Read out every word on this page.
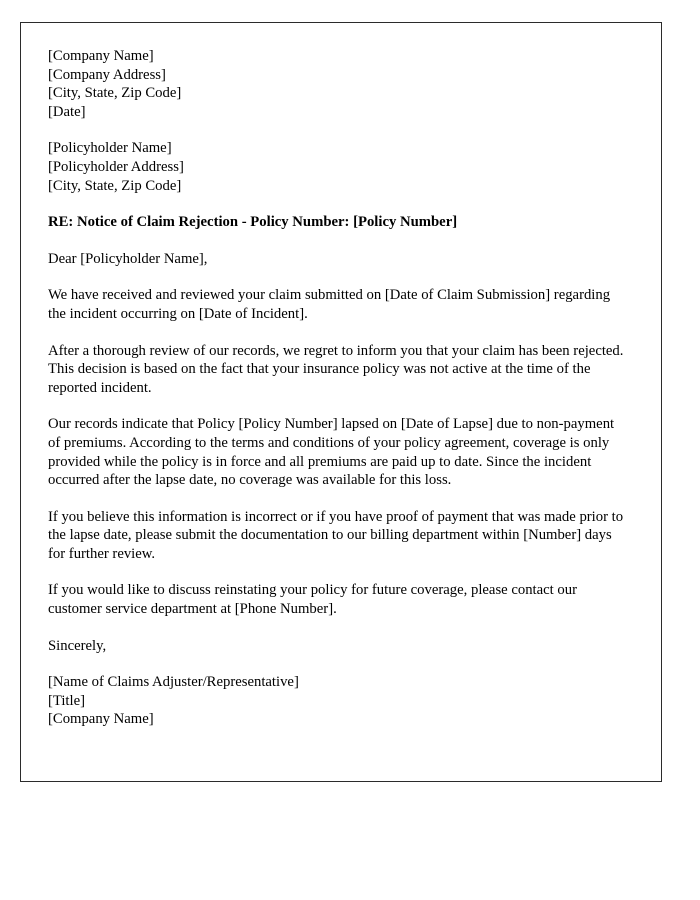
[Company Name]
[Company Address]
[City, State, Zip Code]
[Date]
[Policyholder Name]
[Policyholder Address]
[City, State, Zip Code]

RE: Notice of Claim Rejection - Policy Number: [Policy Number]

Dear [Policyholder Name],

We have received and reviewed your claim submitted on [Date of Claim Submission] regarding the incident occurring on [Date of Incident].

After a thorough review of our records, we regret to inform you that your claim has been rejected. This decision is based on the fact that your insurance policy was not active at the time of the reported incident.

Our records indicate that Policy [Policy Number] lapsed on [Date of Lapse] due to non-payment of premiums. According to the terms and conditions of your policy agreement, coverage is only provided while the policy is in force and all premiums are paid up to date. Since the incident occurred after the lapse date, no coverage was available for this loss.

If you believe this information is incorrect or if you have proof of payment that was made prior to the lapse date, please submit the documentation to our billing department within [Number] days for further review.

If you would like to discuss reinstating your policy for future coverage, please contact our customer service department at [Phone Number].

Sincerely,

[Name of Claims Adjuster/Representative]
[Title]
[Company Name]
